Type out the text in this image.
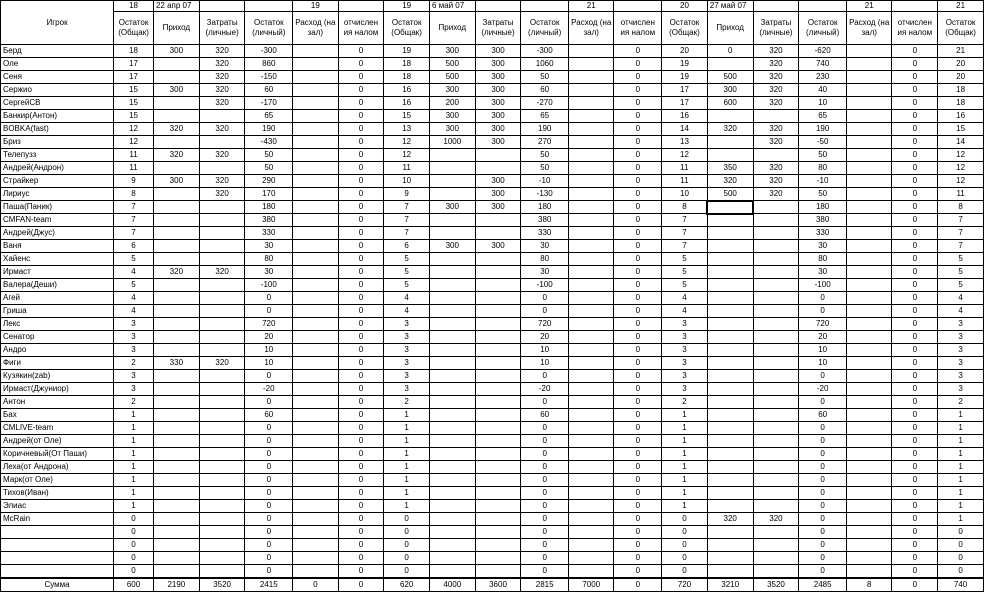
Игрок	18	22 апр 07			19		19	6 май 07			21		20	27 май 07			21		21
	Остаток (Общак)	Приход	Затраты (личные)	Остаток (личный)	Расход (на зал)	отчислен ия налом	Остаток (Общак)	Приход	Затраты (личные)	Остаток (личный)	Расход (на зал)	отчислен ия налом	Остаток (Общак)	Приход	Затраты (личные)	Остаток (личный)	Расход (на зал)	отчислен ия налом	Остаток (Общак)
Берд	18	300	320	-300		0	19	300	300	-300		0	20	0	320	-620		0	21
Оле	17		320	860		0	18	500	300	1060		0	19		320	740		0	20
Сеня	17		320	-150		0	18	500	300	50		0	19	500	320	230		0	20
Сержио	15	300	320	60		0	16	300	300	60		0	17	300	320	40		0	18
СергейСВ	15		320	-170		0	16	200	300	-270		0	17	600	320	10		0	18
Банкир(Антон)	15			65		0	15	300	300	65		0	16			65		0	16
BOBKA(fast)	12	320	320	190		0	13	300	300	190		0	14	320	320	190		0	15
Бриз	12			-430		0	12	1000	300	270		0	13		320	-50		0	14
Телепузз	11	320	320	50		0	12			50		0	12			50		0	12
Андрей(Андрон)	11			50		0	11			50		0	11	350	320	80		0	12
Страйкер	9	300	320	290		0	10		300	-10		0	11	320	320	-10		0	12
Лириус	8		320	170		0	9		300	-130		0	10	500	320	50		0	11
Паша(Паник)	7			180		0	7	300	300	180		0	8			180		0	8
CMFAN-team	7			380		0	7			380		0	7			380		0	7
Андрей(Джус)	7			330		0	7			330		0	7			330		0	7
Ваня	6			30		0	6	300	300	30		0	7			30		0	7
Хайенс	5			80		0	5			80		0	5			80		0	5
Ирмаст	4	320	320	30		0	5			30		0	5			30		0	5
Валера(Деши)	5			-100		0	5			-100		0	5			-100		0	5
Агей	4			0		0	4			0		0	4			0		0	4
Гриша	4			0		0	4			0		0	4			0		0	4
Лекс	3			720		0	3			720		0	3			720		0	3
Сенатор	3			20		0	3			20		0	3			20		0	3
Андро	3			10		0	3			10		0	3			10		0	3
Фиги	2	330	320	10		0	3			10		0	3			10		0	3
Кузякин(zab)	3			0		0	3			0		0	3			0		0	3
Ирмаст(Джуниор)	3			-20		0	3			-20		0	3			-20		0	3
Антон	2			0		0	2			0		0	2			0		0	2
Бах	1			60		0	1			60		0	1			60		0	1
CMLIVE-team	1			0		0	1			0		0	1			0		0	1
Андрей(от Оле)	1			0		0	1			0		0	1			0		0	1
Коричневый(От Паши)	1			0		0	1			0		0	1			0		0	1
Леха(от Андрона)	1			0		0	1			0		0	1			0		0	1
Марк(от Оле)	1			0		0	1			0		0	1			0		0	1
Тихов(Иван)	1			0		0	1			0		0	1			0		0	1
Элиас	1			0		0	1			0		0	1			0		0	1
McRain	0			0		0	0			0		0	0	320	320	0		0	1
	0			0		0	0			0		0	0			0		0	0
	0			0		0	0			0		0	0			0		0	0
	0			0		0	0			0		0	0			0		0	0
	0			0		0	0			0		0	0			0		0	0
Сумма	600	2190	3520	2415	0	0	620	4000	3600	2815	7000	0	720	3210	3520	2485	8	0	740
